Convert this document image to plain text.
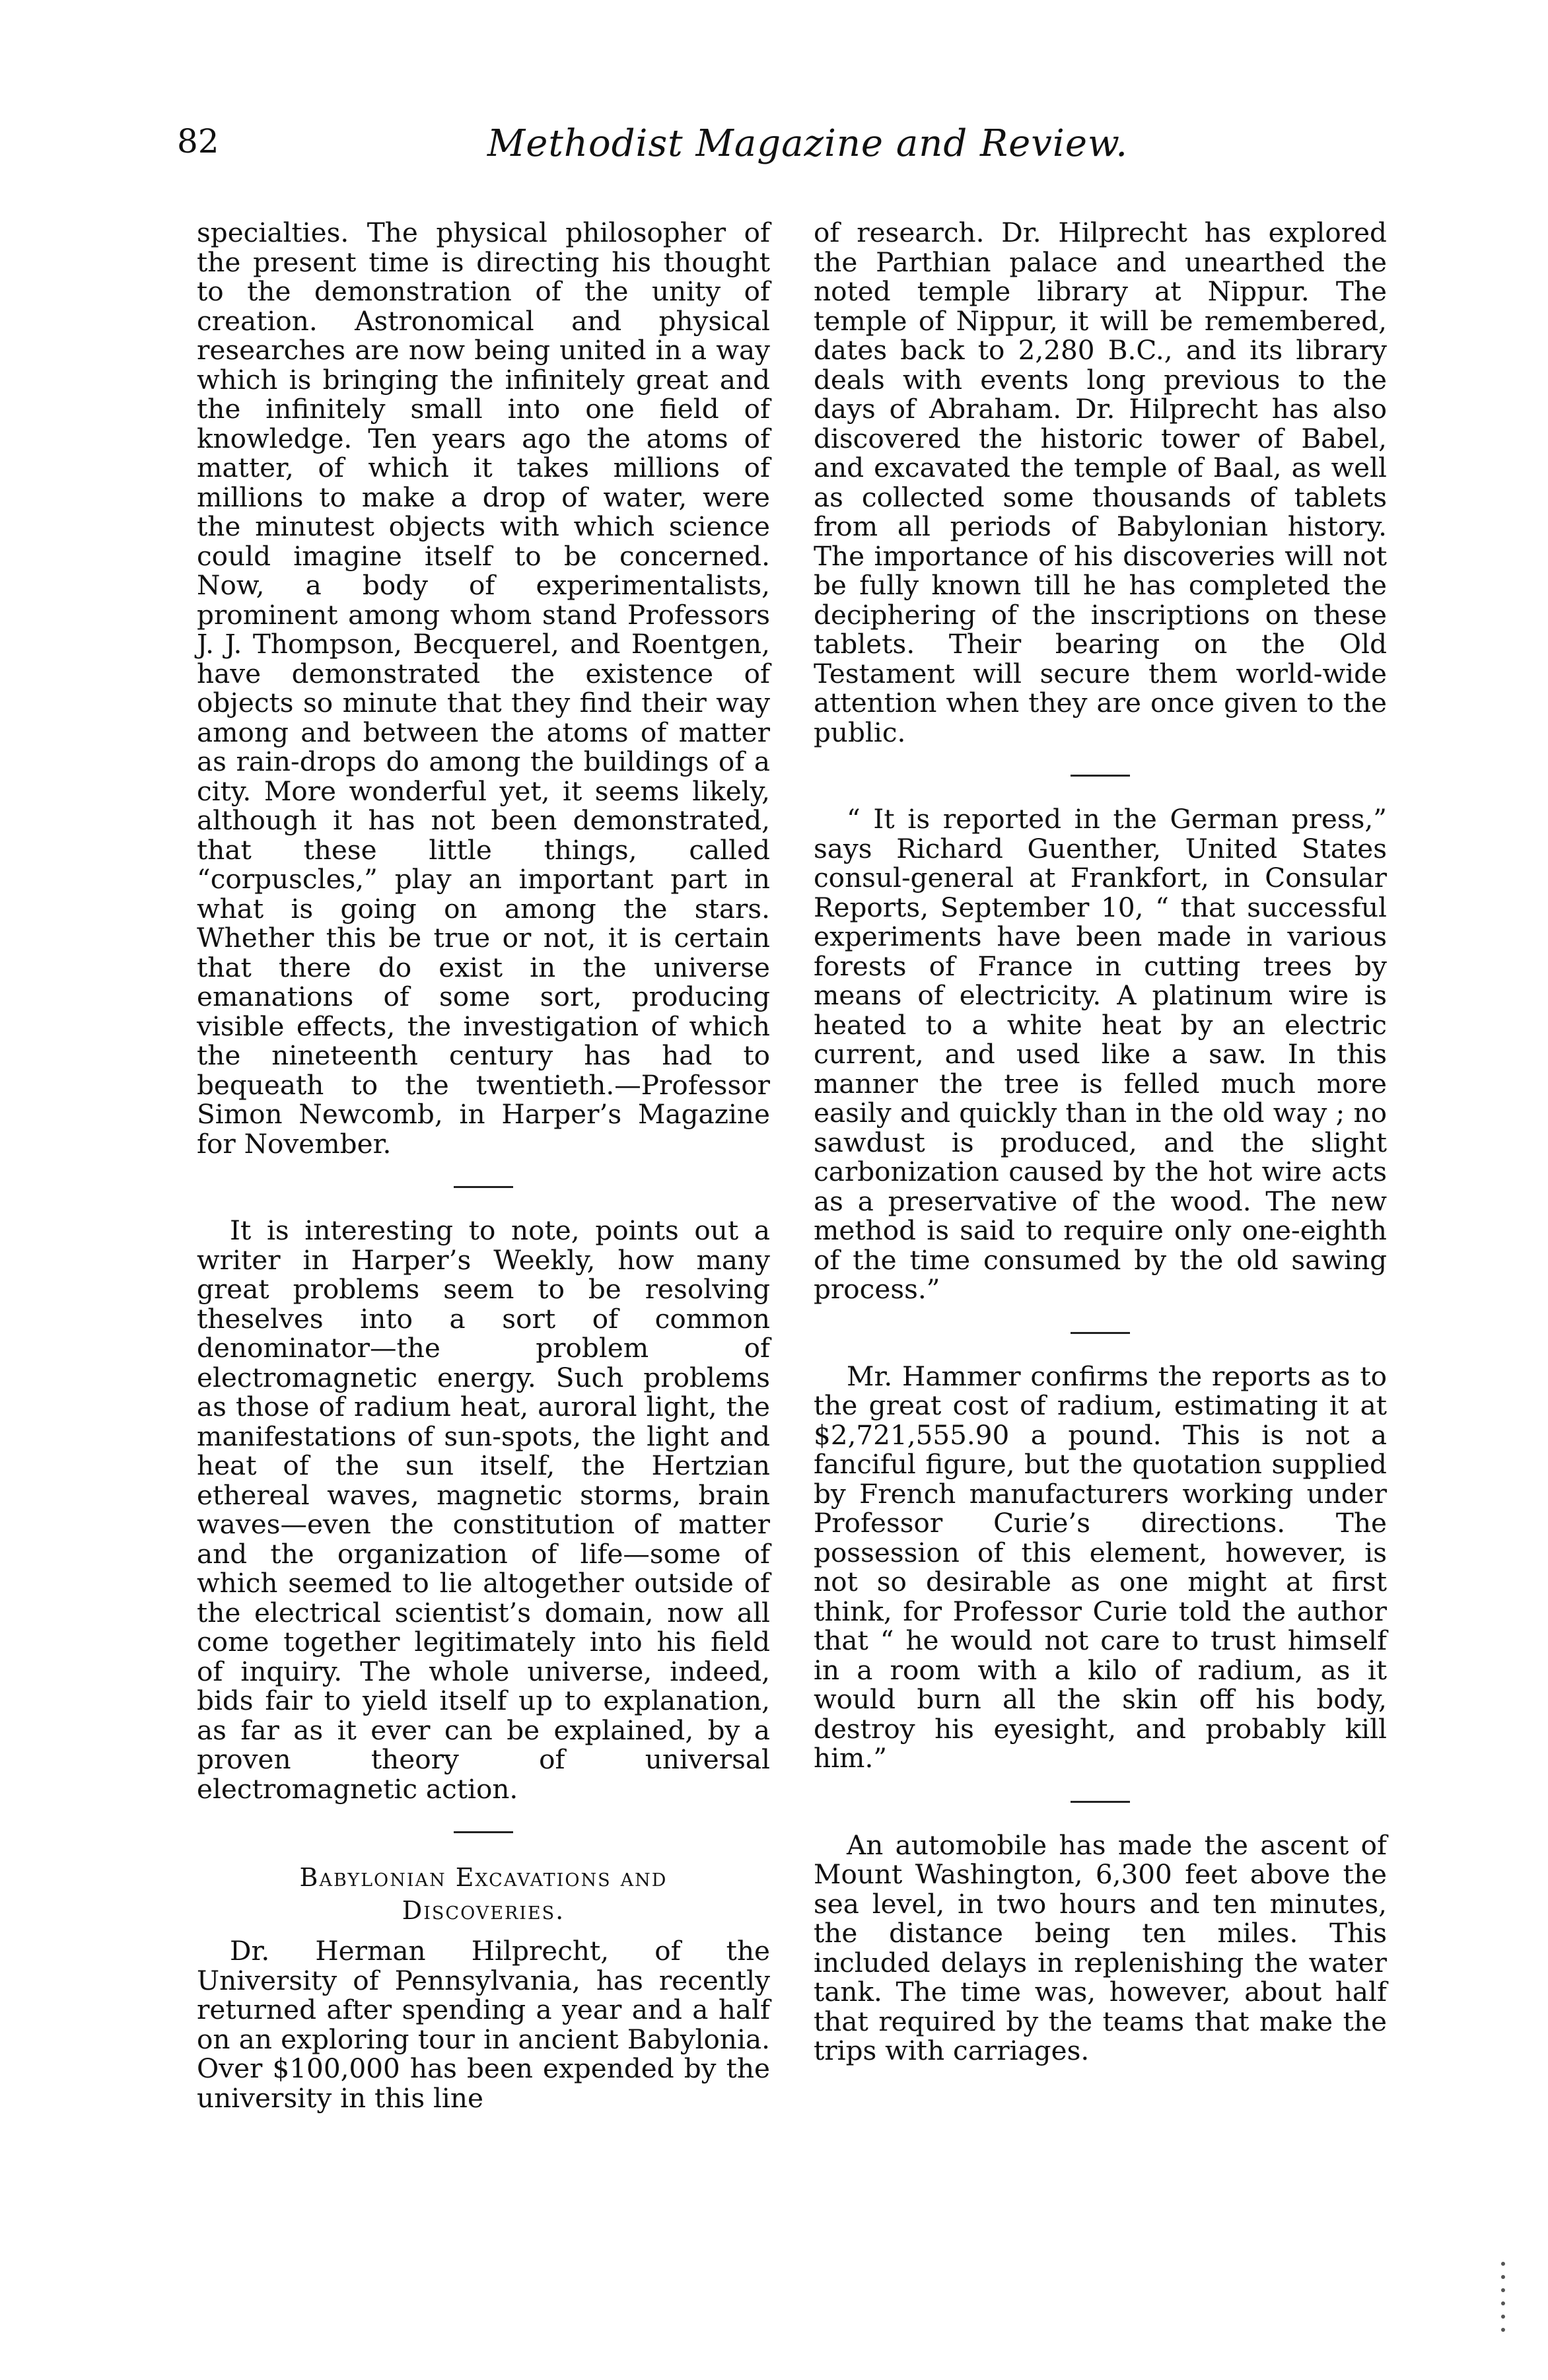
82	Methodist Magazine and Review.

specialties. The physical philosopher of the present time is directing his thought to the demonstration of the unity of creation. Astronomical and physical researches are now being united in a way which is bringing the infinitely great and the infinitely small into one field of knowledge. Ten years ago the atoms of matter, of which it takes millions of millions to make a drop of water, were the minutest objects with which science could imagine itself to be concerned. Now, a body of experimentalists, prominent among whom stand Professors J. J. Thompson, Becquerel, and Roentgen, have demonstrated the existence of objects so minute that they find their way among and between the atoms of matter as rain-drops do among the buildings of a city. More wonderful yet, it seems likely, although it has not been demonstrated, that these little things, called “corpuscles,” play an important part in what is going on among the stars. Whether this be true or not, it is certain that there do exist in the universe emanations of some sort, producing visible effects, the investigation of which the nineteenth century has had to bequeath to the twentieth.—Professor Simon Newcomb, in Harper’s Magazine for November.

It is interesting to note, points out a writer in Harper’s Weekly, how many great problems seem to be resolving theselves into a sort of common denominator—the problem of electromagnetic energy. Such problems as those of radium heat, auroral light, the manifestations of sun-spots, the light and heat of the sun itself, the Hertzian ethereal waves, magnetic storms, brain waves—even the constitution of matter and the organization of life—some of which seemed to lie altogether outside of the electrical scientist’s domain, now all come together legitimately into his field of inquiry. The whole universe, indeed, bids fair to yield itself up to explanation, as far as it ever can be explained, by a proven theory of universal electromagnetic action.

Babylonian Excavations and
Discoveries.

Dr. Herman Hilprecht, of the University of Pennsylvania, has recently returned after spending a year and a half on an exploring tour in ancient Babylonia. Over $100,000 has been expended by the university in this line

of research. Dr. Hilprecht has explored the Parthian palace and unearthed the noted temple library at Nippur. The temple of Nippur, it will be remembered, dates back to 2,280 B.C., and its library deals with events long previous to the days of Abraham. Dr. Hilprecht has also discovered the historic tower of Babel, and excavated the temple of Baal, as well as collected some thousands of tablets from all periods of Babylonian history. The importance of his discoveries will not be fully known till he has completed the deciphering of the inscriptions on these tablets. Their bearing on the Old Testament will secure them world-wide attention when they are once given to the public.

“ It is reported in the German press,” says Richard Guenther, United States consul-general at Frankfort, in Consular Reports, September 10, “ that successful experiments have been made in various forests of France in cutting trees by means of electricity. A platinum wire is heated to a white heat by an electric current, and used like a saw. In this manner the tree is felled much more easily and quickly than in the old way ; no sawdust is produced, and the slight carbonization caused by the hot wire acts as a preservative of the wood. The new method is said to require only one-eighth of the time consumed by the old sawing process.”

Mr. Hammer confirms the reports as to the great cost of radium, estimating it at $2,721,555.90 a pound. This is not a fanciful figure, but the quotation supplied by French manufacturers working under Professor Curie’s directions. The possession of this element, however, is not so desirable as one might at first think, for Professor Curie told the author that “ he would not care to trust himself in a room with a kilo of radium, as it would burn all the skin off his body, destroy his eyesight, and probably kill him.”

An automobile has made the ascent of Mount Washington, 6,300 feet above the sea level, in two hours and ten minutes, the distance being ten miles. This included delays in replenishing the water tank. The time was, however, about half that required by the teams that make the trips with carriages.
